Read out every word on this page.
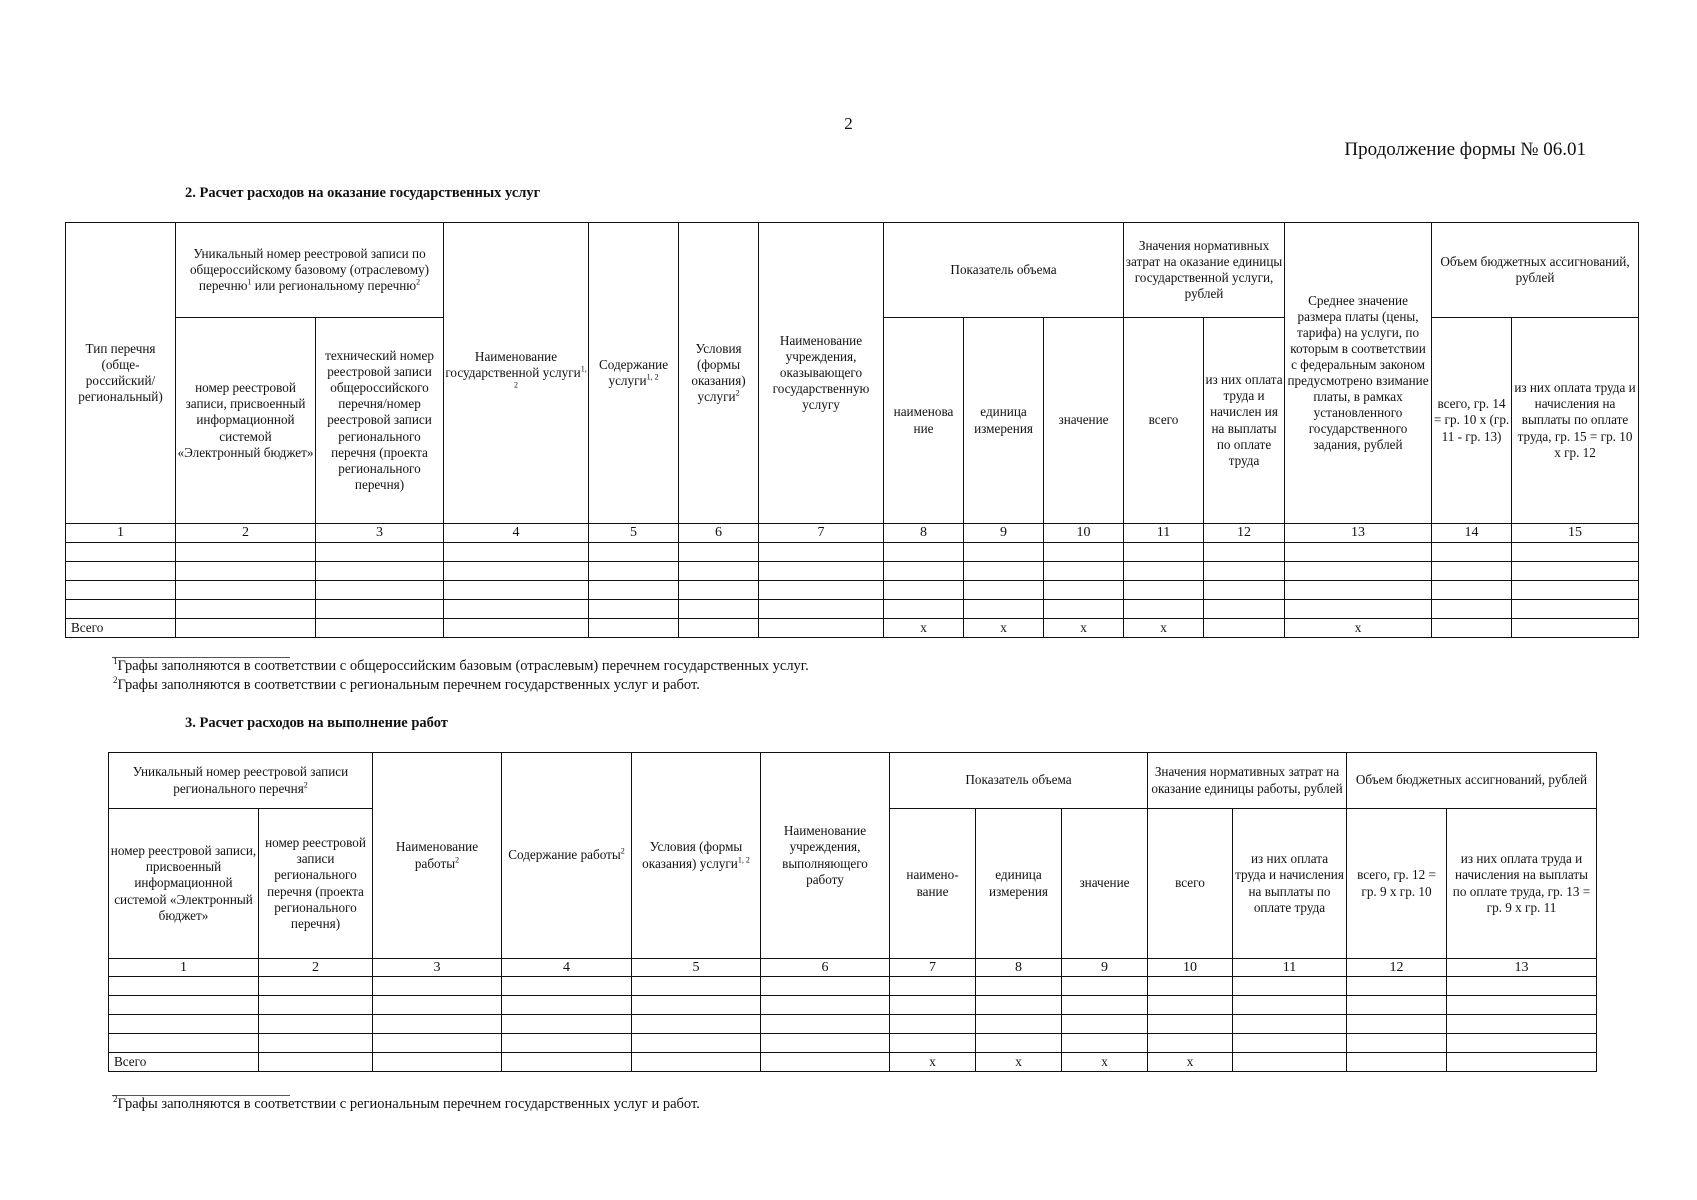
2
Продолжение формы № 06.01
2. Расчет расходов на оказание государственных услуг
Тип перечня (обще-российский/ региональный)	Уникальный номер реестровой записи по общероссийскому базовому (отраслевому) перечню$^1$ или региональному перечню$^2$		Наименование государственной услуги$^{1, 2}$	Содержание услуги$^{1, 2}$	Условия (формы оказания) услуги$^2$	Наименование учреждения, оказывающего государственную услугу	Показатель объема			Значения нормативных затрат на оказание единицы государственной услуги, рублей		Среднее значение размера платы (цены, тарифа) на услуги, по которым в соответствии с федеральным законом предусмотрено взимание платы, в рамках установленного государственного задания, рублей	Объем бюджетных ассигнований, рублей	
	номер реестровой записи, присвоенный информационной системой «Электронный бюджет»	технический номер реестровой записи общероссийского перечня/номер реестровой записи регионального перечня (проекта регионального перечня)					наименова ние	единица измерения	значение	всего	из них оплата труда и начислен ия на выплаты по оплате труда		всего, гр. 14 = гр. 10 х (гр. 11 - гр. 13)	из них оплата труда и начисления на выплаты по оплате труда, гр. 15 = гр. 10 х гр. 12
1	2	3	4	5	6	7	8	9	10	11	12	13	14	15

Всего							х	х	х	х		х		
$^1$Графы заполняются в соответствии с общероссийским базовым (отраслевым) перечнем государственных услуг.
$^2$Графы заполняются в соответствии с региональным перечнем государственных услуг и работ.
3. Расчет расходов на выполнение работ
Уникальный номер реестровой записи регионального перечня$^2$		Наименование работы$^2$	Содержание работы$^2$	Условия (формы оказания) услуги$^{1, 2}$	Наименование учреждения, выполняющего работу	Показатель объема			Значения нормативных затрат на оказание единицы работы, рублей		Объем бюджетных ассигнований, рублей	
номер реестровой записи, присвоенный информационной системой «Электронный бюджет»	номер реестровой записи регионального перечня (проекта регионального перечня)					наимено-вание	единица измерения	значение	всего	из них оплата труда и начисления на выплаты по оплате труда	всего, гр. 12 = гр. 9 х гр. 10	из них оплата труда и начисления на выплаты по оплате труда, гр. 13 = гр. 9 х гр. 11
1	2	3	4	5	6	7	8	9	10	11	12	13

Всего						х	х	х	х			
$^2$Графы заполняются в соответствии с региональным перечнем государственных услуг и работ.
